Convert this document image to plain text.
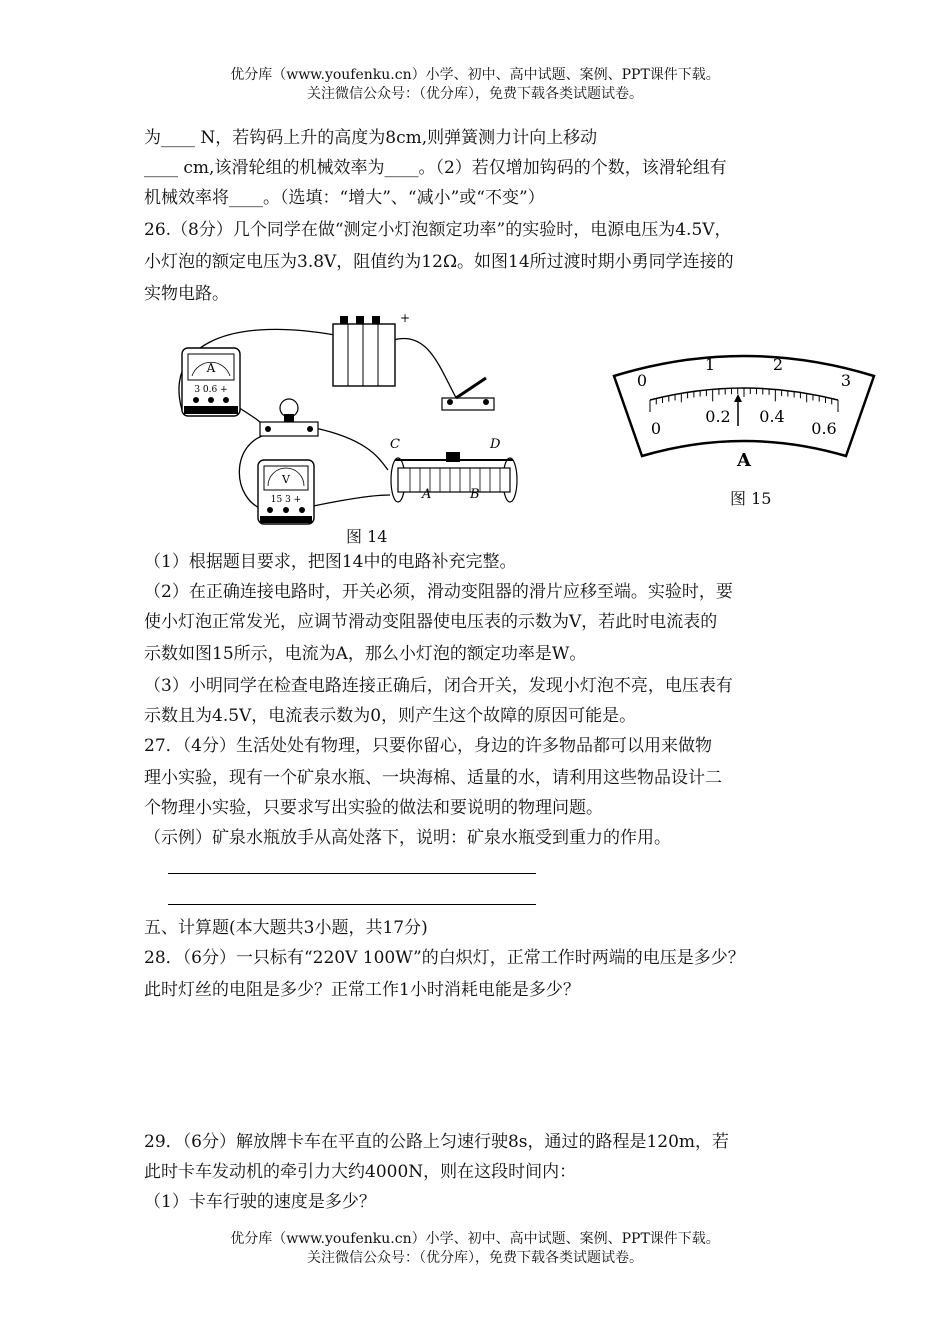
优分库（www.youfenku.cn）小学、初中、高中试题、案例、PPT课件下载。
关注微信公众号：（优分库），免费下载各类试题试卷。
为____ N，若钩码上升的高度为8cm,则弹簧测力计向上移动
____ cm,该滑轮组的机械效率为____。（2）若仅增加钩码的个数，该滑轮组有
机械效率将____。（选填：“增大”、“减小”或“不变”）
26.（8分）几个同学在做“测定小灯泡额定功率”的实验时，电源电压为4.5V，
小灯泡的额定电压为3.8V，阻值约为12Ω。如图14所过渡时期小勇同学连接的
实物电路。
A
3 0.6 +
+
V
15 3 +
C	D
A	B
图 14
0
1	2
3
0
0.2 0.4
0.6
A
图 15
（1）根据题目要求，把图14中的电路补充完整。
（2）在正确连接电路时，开关必须，滑动变阻器的滑片应移至端。实验时，要
使小灯泡正常发光，应调节滑动变阻器使电压表的示数为V，若此时电流表的
示数如图15所示，电流为A，那么小灯泡的额定功率是W。
（3）小明同学在检查电路连接正确后，闭合开关，发现小灯泡不亮，电压表有
示数且为4.5V，电流表示数为0，则产生这个故障的原因可能是。
27．（4分）生活处处有物理，只要你留心，身边的许多物品都可以用来做物
理小实验，现有一个矿泉水瓶、一块海棉、适量的水，请利用这些物品设计二
个物理小实验，只要求写出实验的做法和要说明的物理问题。
（示例）矿泉水瓶放手从高处落下，说明：矿泉水瓶受到重力的作用。
五、计算题(本大题共3小题，共17分)
28．（6分）一只标有“220V 100W”的白炽灯，正常工作时两端的电压是多少？
此时灯丝的电阻是多少？正常工作1小时消耗电能是多少？
29．（6分）解放牌卡车在平直的公路上匀速行驶8s，通过的路程是120m，若
此时卡车发动机的牵引力大约4000N，则在这段时间内：
（1）卡车行驶的速度是多少？
优分库（www.youfenku.cn）小学、初中、高中试题、案例、PPT课件下载。
关注微信公众号：（优分库），免费下载各类试题试卷。
